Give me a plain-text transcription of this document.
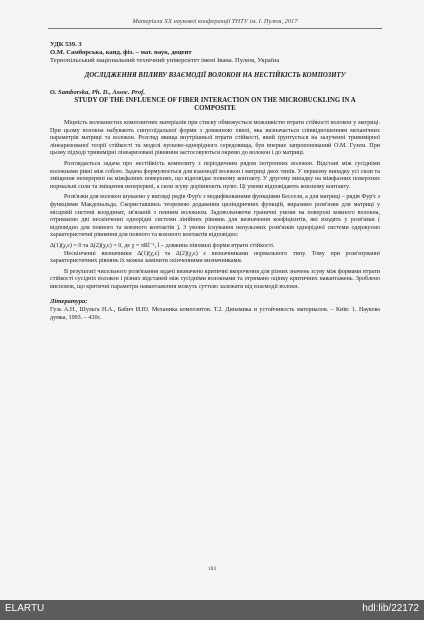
Матеріали XX наукової конференції ТНТУ ім. І. Пулюя, 2017

УДК 539. 3

О.М. Самборська, канд. фіз. – мат. наук, доцент

Тернопільський національний технічний університет імені Івана. Пулюя, Україна

ДОСЛІДЖЕННЯ ВПЛИВУ ВЗАЄМОДІЇ ВОЛОКОН НА НЕСТІЙКІСТЬ КОМПОЗИТУ

O. Samborska, Ph. D., Assoc. Prof.

STUDY OF THE INFLUENCE OF FIBER INTERACTION ON THE MICROBUCKLING IN A COMPOSITE

Міцність волокнистих композитних матеріалів при стиску обмежується можливістю втрати стійкості волокон у матриці. При цьому волокна набувають синусоїдальної форми з довжиною хвилі, яка визначається співвідношенням механічних параметрів матриці та волокон. Розгляд явища внутрішньої втрати стійкості, який ґрунтується на залученні тривимірної лінеаризованої теорії стійкості та моделі кусково-однорідного середовища, був вперше запропонований О.М. Гузем. При цьому підході тривимірні лінеаризовані рівняння застосовуються окремо до волокон і до матриці.

Розглядається задача про нестійкість композиту з періодичним рядом ізотропних волокон. Відстані між сусідніми волокнами рівні між собою. Задача формулюється для взаємодії волокон і матриці двох типів. У першому випадку усі сили та зміщення неперервні на міжфазних поверхнях, що відповідає повному контакту. У другому випадку на міжфазних поверхнях нормальні сили та зміщення неперервні, а сили зсуву дорівнюють нулю. Ці умови відповідають ковзному контакту.

Розв'язки для волокон шукаємо у вигляді рядів Фур'є з модифікованими функціями Бесселя, а для матриці – рядів Фур'є з функціями Макдональда. Скориставшись теоремою додавання циліндричних функцій, виразимо розв'язки для матриці у місцевій системі координат, зв'язаній з певним волокном. Задовольняючи граничні умови на поверхні кожного волокна, отримаємо дві нескінченні однорідні системи лінійних рівнянь для визначення коефіцієнтів, які входять у розв'язки ( відповідно для повного та ковзного контактів ). З умови існування ненульових розв'язків однорідної системи одержуємо характеристичні рівняння для повного та ковзного контактів відповідно:

Δ(1)(χ,ε) = 0 та Δ(2)(χ,ε) = 0, де χ = πRl⁻¹, l – довжина півхвилі форми втрати стійкості.

Нескінченні визначники Δ(1)(χ,ε) та Δ(2)(χ,ε) є визначниками нормального типу. Тому при розв'язуванні характеристичних рівнянь їх можна замінити скінченними визначниками.

В результаті чисельного розв'язання задачі визначено критичні вкорочення для різних значень зсуву між формами втрати стійкості сусідніх волокон і різних відстаней між сусідніми волокнами та отримано оцінку критичних навантажень. Зроблено висновок, що критичні параметри навантаження можуть суттєво залежати від взаємодії волокн.

Література:

Гузь А.Н., Шульга Н.А., Бабич И.Ю. Механика композитов. Т.2. Динамика и устойчивость материалов. – Київ: 1. Наукова думка, 1993. – 430с.

183
ELARTU	hdl:lib/22172
